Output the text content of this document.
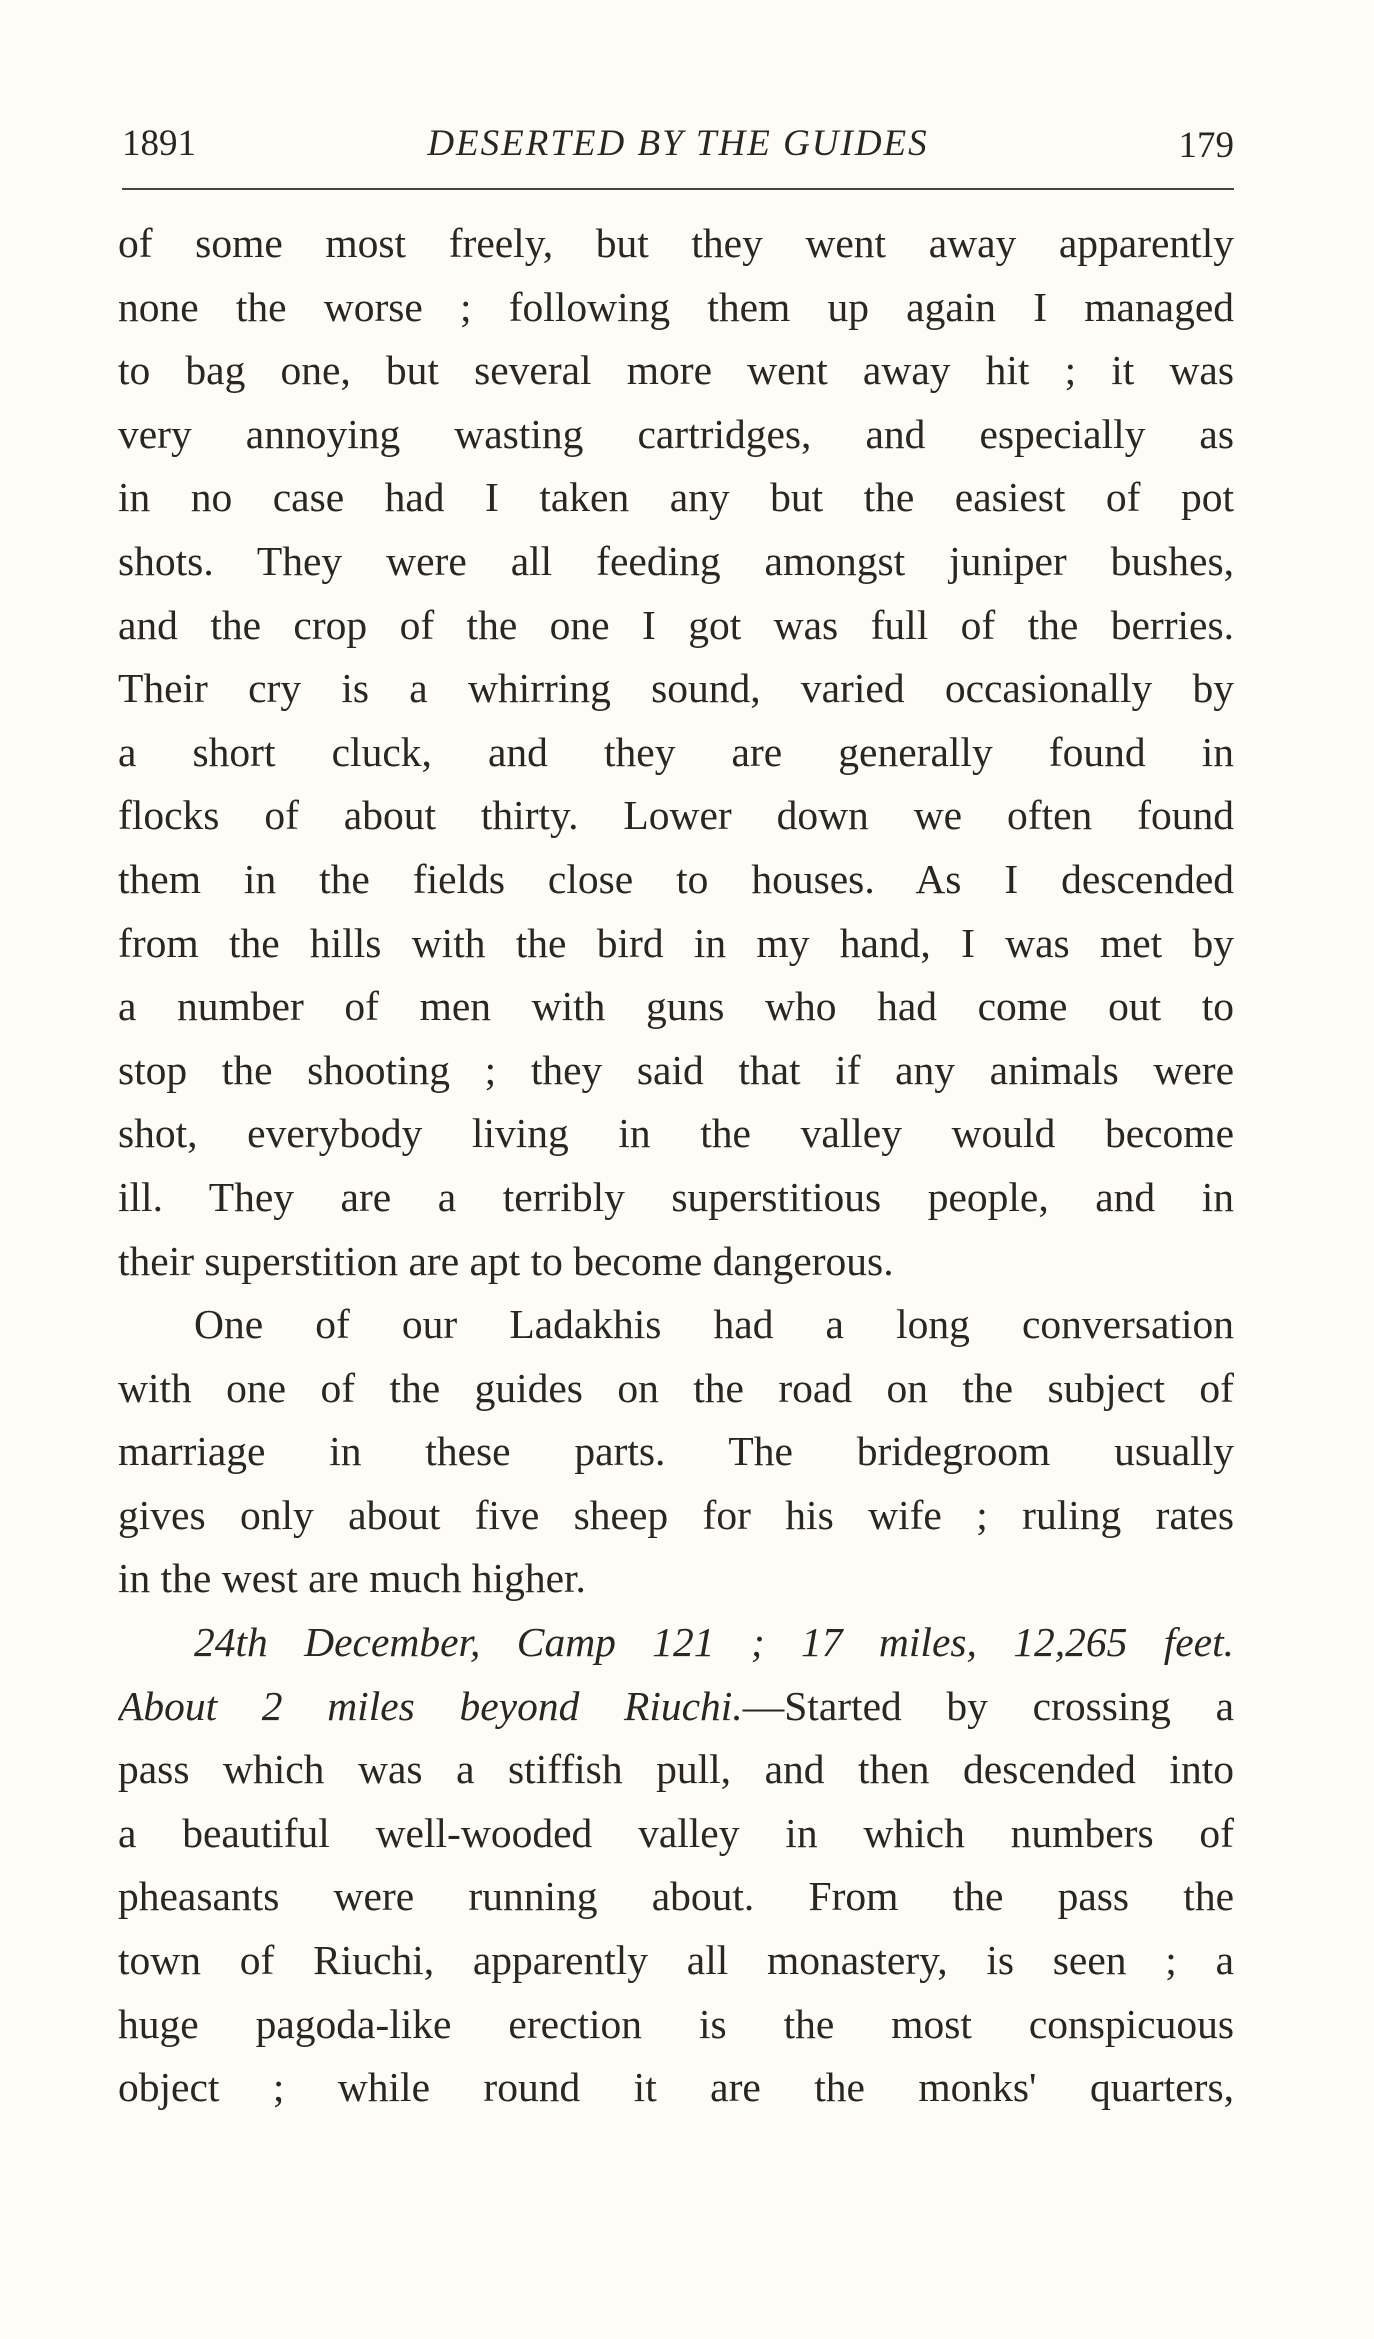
1891	DESERTED BY THE GUIDES	179
of some most freely, but they went away apparently
none the worse ; following them up again I managed
to bag one, but several more went away hit ; it was
very annoying wasting cartridges, and especially as
in no case had I taken any but the easiest of pot
shots. They were all feeding amongst juniper bushes,
and the crop of the one I got was full of the berries.
Their cry is a whirring sound, varied occasionally by
a short cluck, and they are generally found in
flocks of about thirty. Lower down we often found
them in the fields close to houses. As I descended
from the hills with the bird in my hand, I was met by
a number of men with guns who had come out to
stop the shooting ; they said that if any animals were
shot, everybody living in the valley would become
ill. They are a terribly superstitious people, and in
their superstition are apt to become dangerous.
One of our Ladakhis had a long conversation
with one of the guides on the road on the subject of
marriage in these parts. The bridegroom usually
gives only about five sheep for his wife ; ruling rates
in the west are much higher.
24th December, Camp 121 ; 17 miles, 12,265 feet.
About 2 miles beyond Riuchi.—Started by crossing a
pass which was a stiffish pull, and then descended into
a beautiful well-wooded valley in which numbers of
pheasants were running about. From the pass the
town of Riuchi, apparently all monastery, is seen ; a
huge pagoda-like erection is the most conspicuous
object ; while round it are the monks' quarters,
